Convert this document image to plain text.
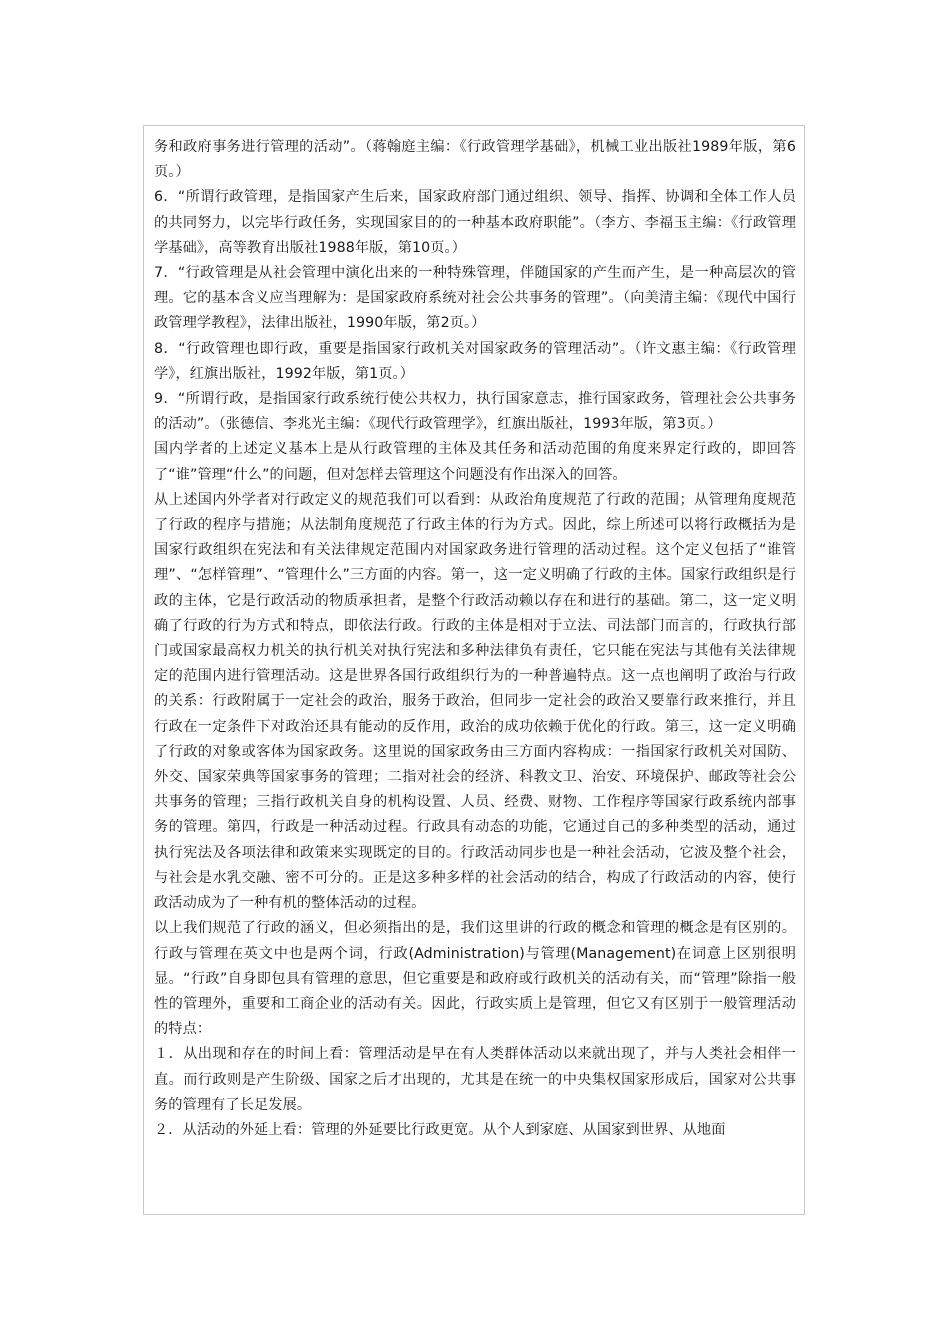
务和政府事务进行管理的活动”。（蒋翰庭主编：《行政管理学基础》，机械工业出版社1989年版，第6页。）

6．“所谓行政管理，是指国家产生后来，国家政府部门通过组织、领导、指挥、协调和全体工作人员的共同努力，以完毕行政任务，实现国家目的的一种基本政府职能”。（李方、李福玉主编：《行政管理学基础》，高等教育出版社1988年版，第10页。）

7．“行政管理是从社会管理中演化出来的一种特殊管理，伴随国家的产生而产生，是一种高层次的管理。它的基本含义应当理解为：是国家政府系统对社会公共事务的管理”。（向美清主编：《现代中国行政管理学教程》，法律出版社，1990年版，第2页。）

8．“行政管理也即行政，重要是指国家行政机关对国家政务的管理活动”。（许文惠主编：《行政管理学》，红旗出版社，1992年版，第1页。）

9．“所谓行政，是指国家行政系统行使公共权力，执行国家意志，推行国家政务，管理社会公共事务的活动”。（张德信、李兆光主编：《现代行政管理学》，红旗出版社，1993年版，第3页。）

国内学者的上述定义基本上是从行政管理的主体及其任务和活动范围的角度来界定行政的，即回答了“谁”管理“什么”的问题，但对怎样去管理这个问题没有作出深入的回答。

从上述国内外学者对行政定义的规范我们可以看到：从政治角度规范了行政的范围；从管理角度规范了行政的程序与措施；从法制角度规范了行政主体的行为方式。因此，综上所述可以将行政概括为是国家行政组织在宪法和有关法律规定范围内对国家政务进行管理的活动过程。这个定义包括了“谁管理”、“怎样管理”、“管理什么”三方面的内容。第一，这一定义明确了行政的主体。国家行政组织是行政的主体，它是行政活动的物质承担者，是整个行政活动赖以存在和进行的基础。第二，这一定义明确了行政的行为方式和特点，即依法行政。行政的主体是相对于立法、司法部门而言的，行政执行部门或国家最高权力机关的执行机关对执行宪法和多种法律负有责任，它只能在宪法与其他有关法律规定的范围内进行管理活动。这是世界各国行政组织行为的一种普遍特点。这一点也阐明了政治与行政的关系：行政附属于一定社会的政治，服务于政治，但同步一定社会的政治又要靠行政来推行，并且行政在一定条件下对政治还具有能动的反作用，政治的成功依赖于优化的行政。第三，这一定义明确了行政的对象或客体为国家政务。这里说的国家政务由三方面内容构成：一指国家行政机关对国防、外交、国家荣典等国家事务的管理；二指对社会的经济、科教文卫、治安、环境保护、邮政等社会公共事务的管理；三指行政机关自身的机构设置、人员、经费、财物、工作程序等国家行政系统内部事务的管理。第四，行政是一种活动过程。行政具有动态的功能，它通过自己的多种类型的活动，通过执行宪法及各项法律和政策来实现既定的目的。行政活动同步也是一种社会活动，它波及整个社会，与社会是水乳交融、密不可分的。正是这多种多样的社会活动的结合，构成了行政活动的内容，使行政活动成为了一种有机的整体活动的过程。

以上我们规范了行政的涵义，但必须指出的是，我们这里讲的行政的概念和管理的概念是有区别的。行政与管理在英文中也是两个词，行政(Administration)与管理(Management)在词意上区别很明显。“行政”自身即包具有管理的意思，但它重要是和政府或行政机关的活动有关，而“管理”除指一般性的管理外，重要和工商企业的活动有关。因此，行政实质上是管理，但它又有区别于一般管理活动的特点：

１．从出现和存在的时间上看：管理活动是早在有人类群体活动以来就出现了，并与人类社会相伴一直。而行政则是产生阶级、国家之后才出现的，尤其是在统一的中央集权国家形成后，国家对公共事务的管理有了长足发展。

２．从活动的外延上看：管理的外延要比行政更宽。从个人到家庭、从国家到世界、从地面
